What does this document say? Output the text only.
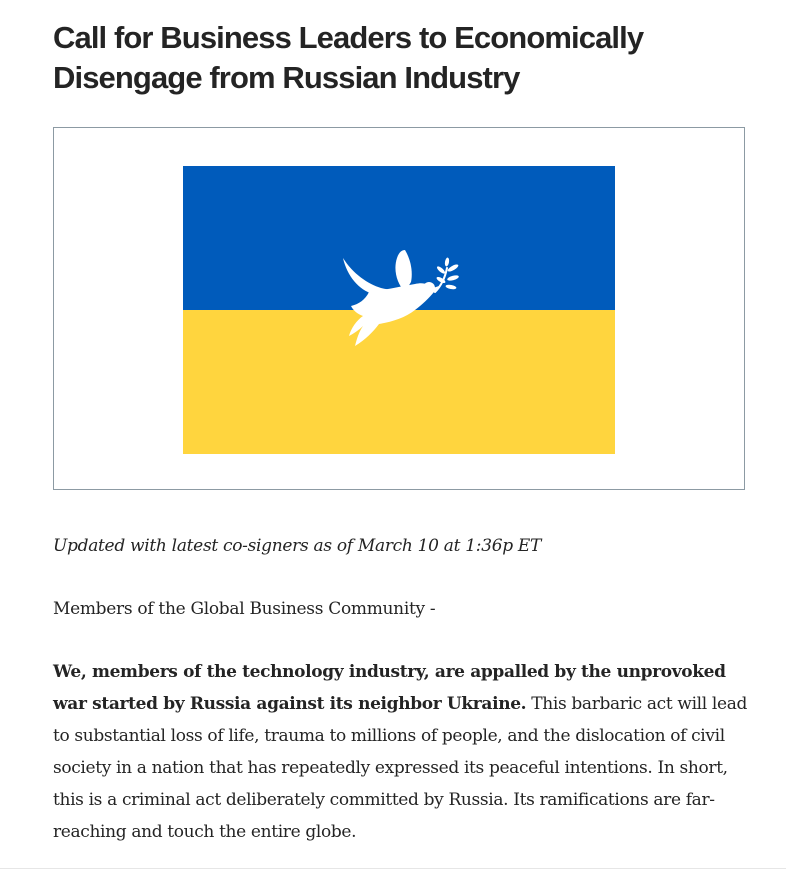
Call for Business Leaders to Economically Disengage from Russian Industry

Updated with latest co-signers as of March 10 at 1:36p ET

Members of the Global Business Community -

We, members of the technology industry, are appalled by the unprovoked war started by Russia against its neighbor Ukraine. This barbaric act will lead to substantial loss of life, trauma to millions of people, and the dislocation of civil society in a nation that has repeatedly expressed its peaceful intentions. In short, this is a criminal act deliberately committed by Russia. Its ramifications are far-reaching and touch the entire globe.
